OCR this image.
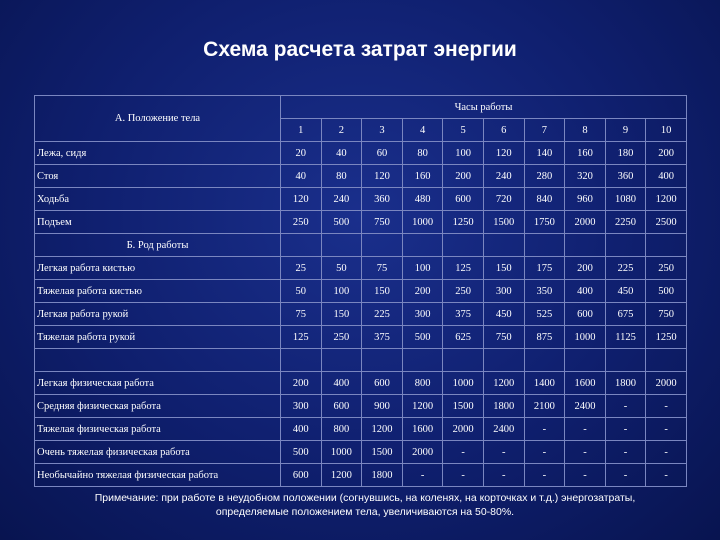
Схема расчета затрат энергии
А. Положение тела	Часы работы									
	1	2	3	4	5	6	7	8	9	10
Лежа, сидя	20	40	60	80	100	120	140	160	180	200
Стоя	40	80	120	160	200	240	280	320	360	400
Ходьба	120	240	360	480	600	720	840	960	1080	1200
Подъем	250	500	750	1000	1250	1500	1750	2000	2250	2500
Б. Род работы										
Легкая работа кистью	25	50	75	100	125	150	175	200	225	250
Тяжелая работа кистью	50	100	150	200	250	300	350	400	450	500
Легкая работа рукой	75	150	225	300	375	450	525	600	675	750
Тяжелая работа рукой	125	250	375	500	625	750	875	1000	1125	1250

Легкая физическая работа	200	400	600	800	1000	1200	1400	1600	1800	2000
Средняя физическая работа	300	600	900	1200	1500	1800	2100	2400	-	-
Тяжелая физическая работа	400	800	1200	1600	2000	2400	-	-	-	-
Очень тяжелая физическая работа	500	1000	1500	2000	-	-	-	-	-	-
Необычайно тяжелая физическая работа	600	1200	1800	-	-	-	-	-	-	-
Примечание: при работе в неудобном положении (согнувшись, на коленях, на корточках и т.д.) энергозатраты,
определяемые положением тела, увеличиваются на 50-80%.
